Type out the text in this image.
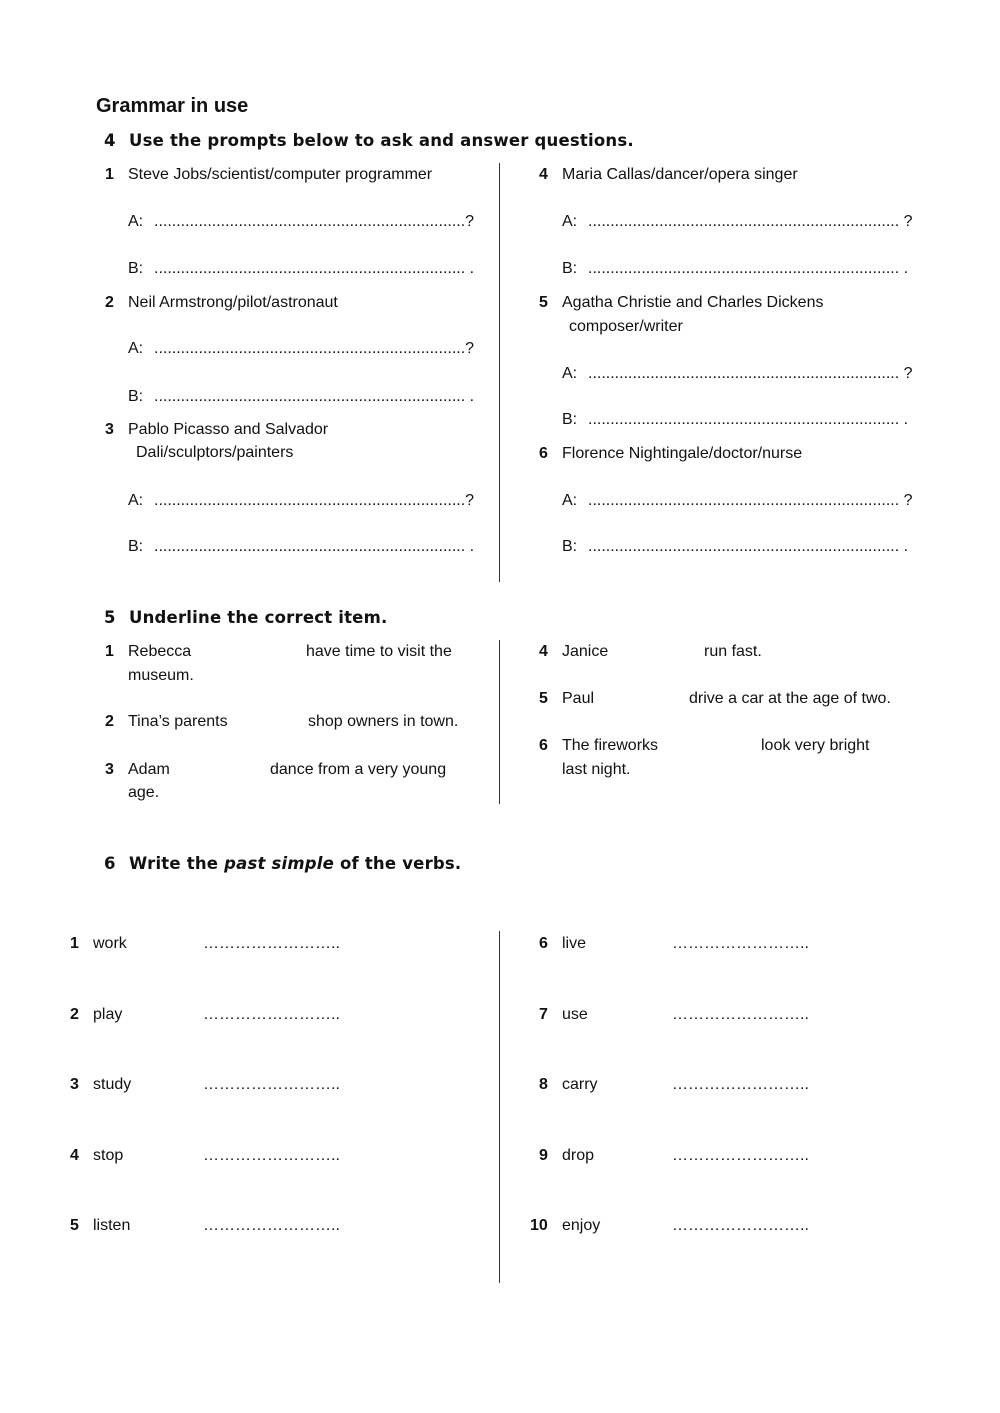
Grammar in use
4 Use the prompts below to ask and answer questions.
1 Steve Jobs/scientist/computer programmer
A: ......................................................................?
B: ...................................................................... .
2 Neil Armstrong/pilot/astronaut
A: ......................................................................?
B: ...................................................................... .
3 Pablo Picasso and Salvador
Dali/sculptors/painters
A: ......................................................................?
B: ...................................................................... .
4 Maria Callas/dancer/opera singer
A: ...................................................................... ?
B: ...................................................................... .
5 Agatha Christie and Charles Dickens
composer/writer
A: ...................................................................... ?
B: ...................................................................... .
6 Florence Nightingale/doctor/nurse
A: ...................................................................... ?
B: ...................................................................... .
5 Underline the correct item.
1 Rebecca	have time to visit the
museum.
2 Tina’s parents	shop owners in town.
3 Adam	dance from a very young
age.
4 Janice	run fast.
5 Paul	drive a car at the age of two.
6 The fireworks	look very bright
last night.
6 Write the past simple of the verbs.
1 work	……………………..
2 play	……………………..
3 study	……………………..
4 stop	……………………..
5 listen	……………………..
6 live	……………………..
7 use	……………………..
8 carry	……………………..
9 drop	……………………..
10 enjoy	……………………..
